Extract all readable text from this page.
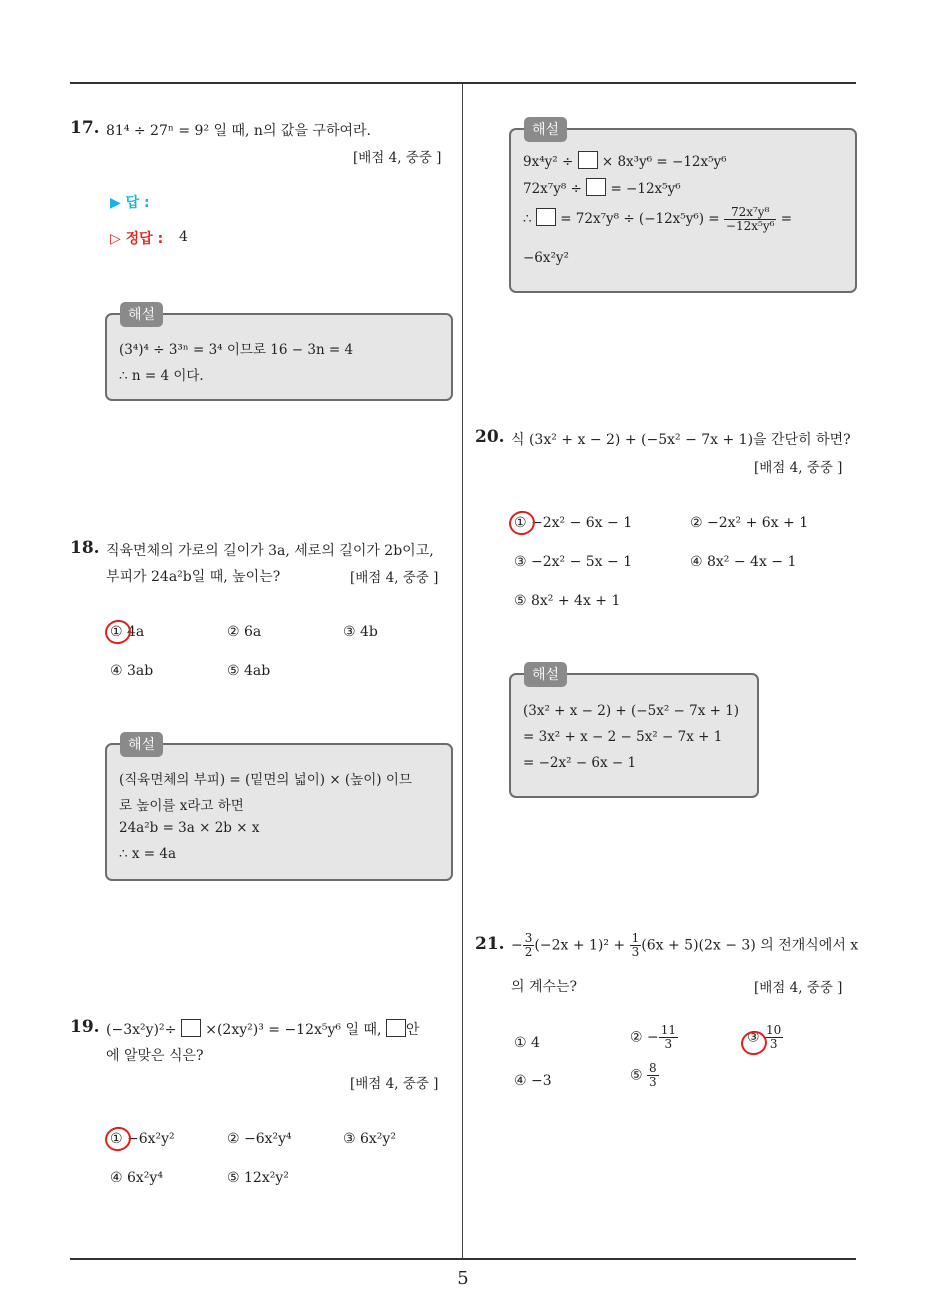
17. 81⁴ ÷ 27ⁿ = 9² 일 때, n의 값을 구하여라.
[배점 4, 중중 ]
▶ 답 :
▷ 정답 : 4
(3⁴)⁴ ÷ 3³ⁿ = 3⁴ 이므로 16 − 3n = 4
∴ n = 4 이다.
해설
18. 직육면체의 가로의 길이가 3a, 세로의 길이가 2b이고,
부피가 24a²b일 때, 높이는?	[배점 4, 중중 ]
① 4a	② 6a	③ 4b
④ 3ab	⑤ 4ab
(직육면체의 부피) = (밑면의 넓이) × (높이) 이므
로 높이를 x라고 하면
24a²b = 3a × 2b × x
∴ x = 4a
해설
19. (−3x²y)²÷ ×(2xy²)³ = −12x⁵y⁶ 일 때, 안
에 알맞은 식은?
[배점 4, 중중 ]
① −6x²y²	② −6x²y⁴	③ 6x²y²
④ 6x²y⁴	⑤ 12x²y²
9x⁴y² ÷ × 8x³y⁶ = −12x⁵y⁶
72x⁷y⁸ ÷ = −12x⁵y⁶
∴ = $72x^7y^8 \div (-12x^5y^6) = \frac{\text{72x⁷y⁸}}{\text{−12x⁵y⁶}}$ =
−6x²y²
해설
20. 식 (3x² + x − 2) + (−5x² − 7x + 1)을 간단히 하면?
[배점 4, 중중 ]
① −2x² − 6x − 1	② −2x² + 6x + 1
③ −2x² − 5x − 1	④ 8x² − 4x − 1
⑤ 8x² + 4x + 1
(3x² + x − 2) + (−5x² − 7x + 1)
= 3x² + x − 2 − 5x² − 7x + 1
= −2x² − 6x − 1
해설
21. − $\frac{3}{2} (-2x + 1)^2 + \frac{1}{3} (6x + 5)(2x - 3)$ 의 전개식에서 x
의 계수는?	[배점 4, 중중 ]
① 4	② − $\frac{11}{3}$	③ $\frac{10}{3}$
④ −3	⑤ $\frac{8}{3}$
5
